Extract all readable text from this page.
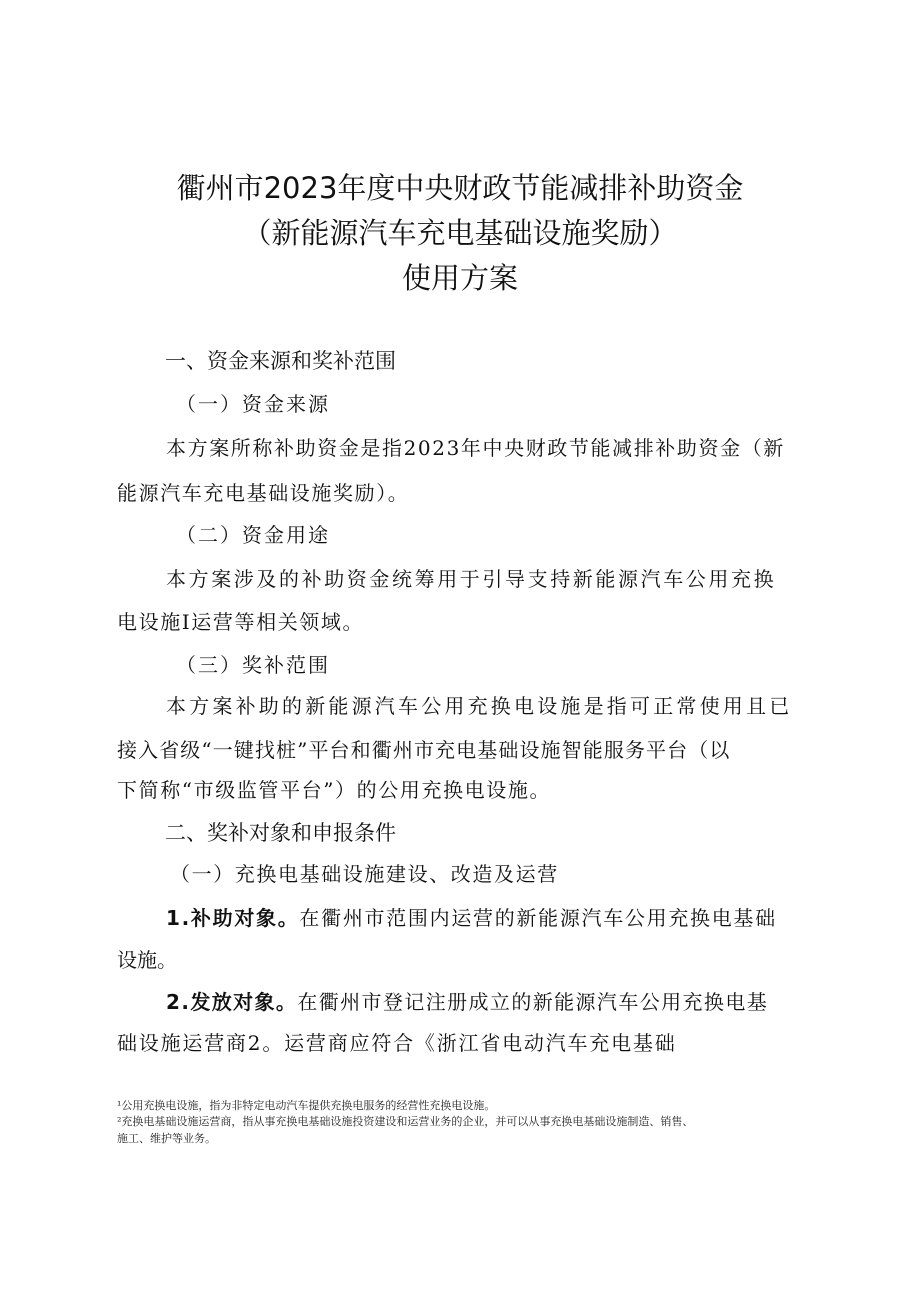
衢州市2023年度中央财政节能减排补助资金
（新能源汽车充电基础设施奖励）
使用方案
一、资金来源和奖补范围
（一）资金来源
本方案所称补助资金是指2023年中央财政节能减排补助资金（新
能源汽车充电基础设施奖励）。
（二）资金用途
本方案涉及的补助资金统筹用于引导支持新能源汽车公用充换
电设施I运营等相关领域。
（三）奖补范围
本方案补助的新能源汽车公用充换电设施是指可正常使用且已
接入省级“一键找桩”平台和衢州市充电基础设施智能服务平台（以
下简称“市级监管平台”）的公用充换电设施。
二、奖补对象和申报条件
（一）充换电基础设施建设、改造及运营
1.补助对象。在衢州市范围内运营的新能源汽车公用充换电基础
设施。
2.发放对象。在衢州市登记注册成立的新能源汽车公用充换电基
础设施运营商2。运营商应符合《浙江省电动汽车充电基础
¹公用充换电设施，指为非特定电动汽车提供充换电服务的经营性充换电设施。
²充换电基础设施运营商，指从事充换电基础设施投资建设和运营业务的企业，并可以从事充换电基础设施制造、销售、
施工、维护等业务。
